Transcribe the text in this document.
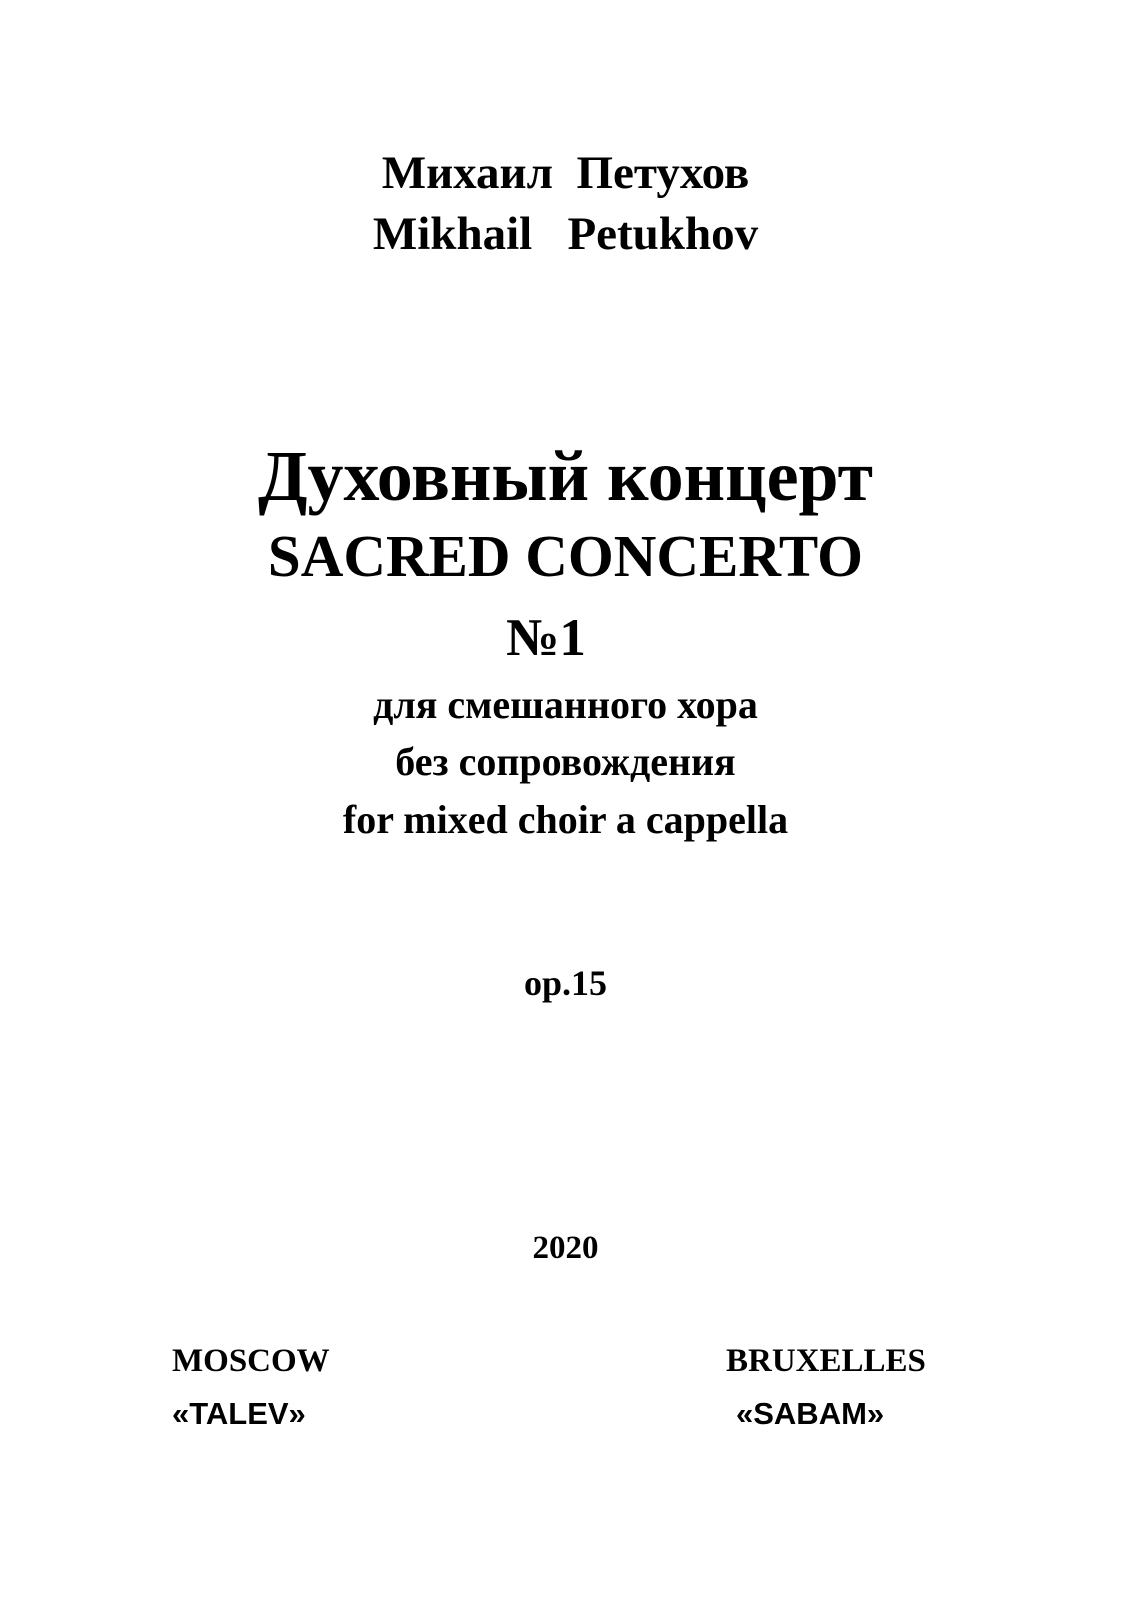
Михаил  Петухов
Mikhail   Petukhov
Духовный концерт
SACRED CONCERTO
№1
для смешанного хора
без сопровождения
for mixed choir a cappella
op.15
2020
MOSCOW	BRUXELLES
«TALEV»	«SABAM»
